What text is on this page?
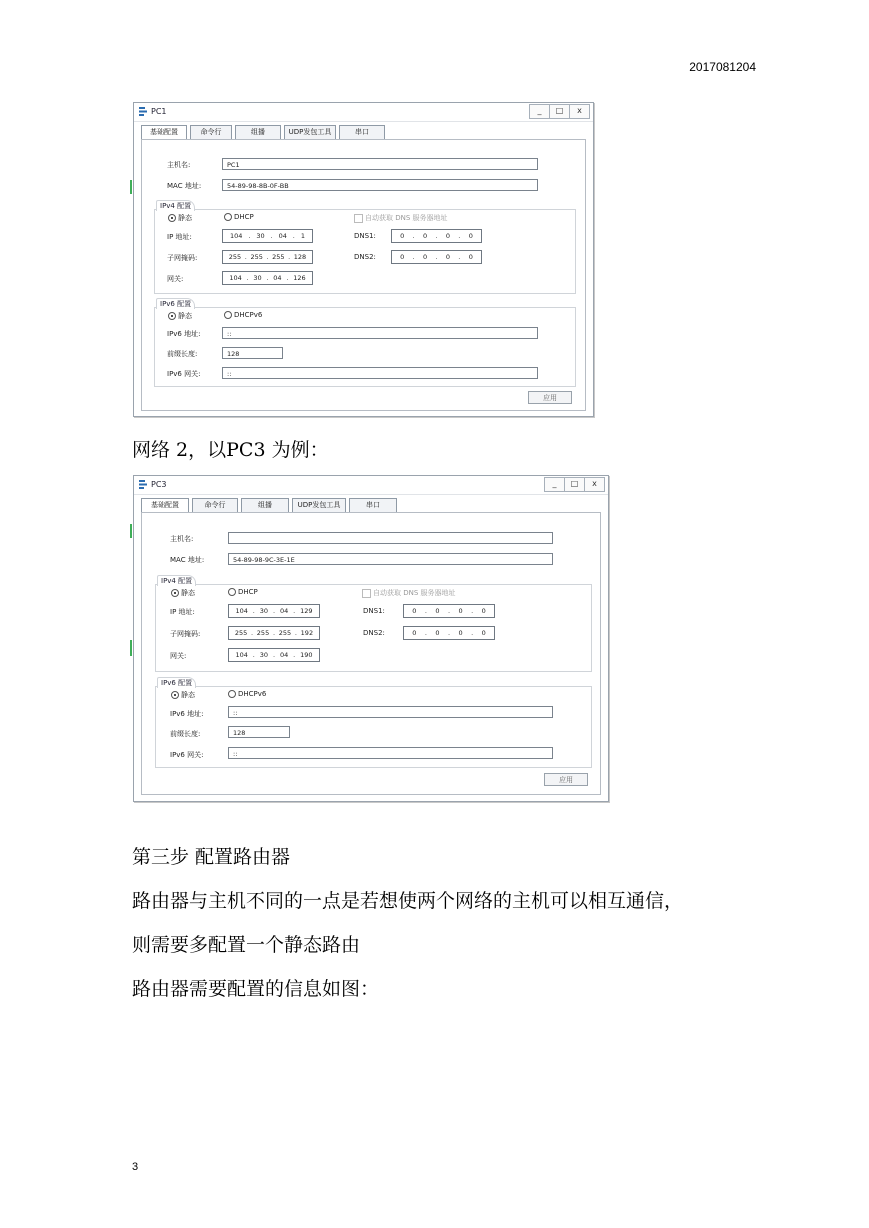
2017081204
PC1	_	□	x
基础配置	命令行	组播	UDP发包工具	串口
主机名:	PC1
MAC 地址:	54-89-98-8B-0F-BB
IPv4 配置
静态	DHCP	自动获取 DNS 服务器地址
IP 地址:	104 . 30 . 04 . 1	DNS1:	0 . 0 . 0 . 0
子网掩码:	255 . 255 . 255 . 128	DNS2:	0 . 0 . 0 . 0
网关:	104 . 30 . 04 . 126
IPv6 配置
静态	DHCPv6
IPv6 地址:	::
前缀长度:	128
IPv6 网关:	::
应用
网络 2，以PC3 为例：
PC3	_	□	x
基础配置	命令行	组播	UDP发包工具	串口
主机名:
MAC 地址:	54-89-98-9C-3E-1E
IPv4 配置
静态	DHCP	自动获取 DNS 服务器地址
IP 地址:	104 . 30 . 04 . 129	DNS1:	0 . 0 . 0 . 0
子网掩码:	255 . 255 . 255 . 192	DNS2:	0 . 0 . 0 . 0
网关:	104 . 30 . 04 . 190
IPv6 配置
静态	DHCPv6
IPv6 地址:	::
前缀长度:	128
IPv6 网关:	::
应用
第三步 配置路由器
路由器与主机不同的一点是若想使两个网络的主机可以相互通信，
则需要多配置一个静态路由
路由器需要配置的信息如图：
3
